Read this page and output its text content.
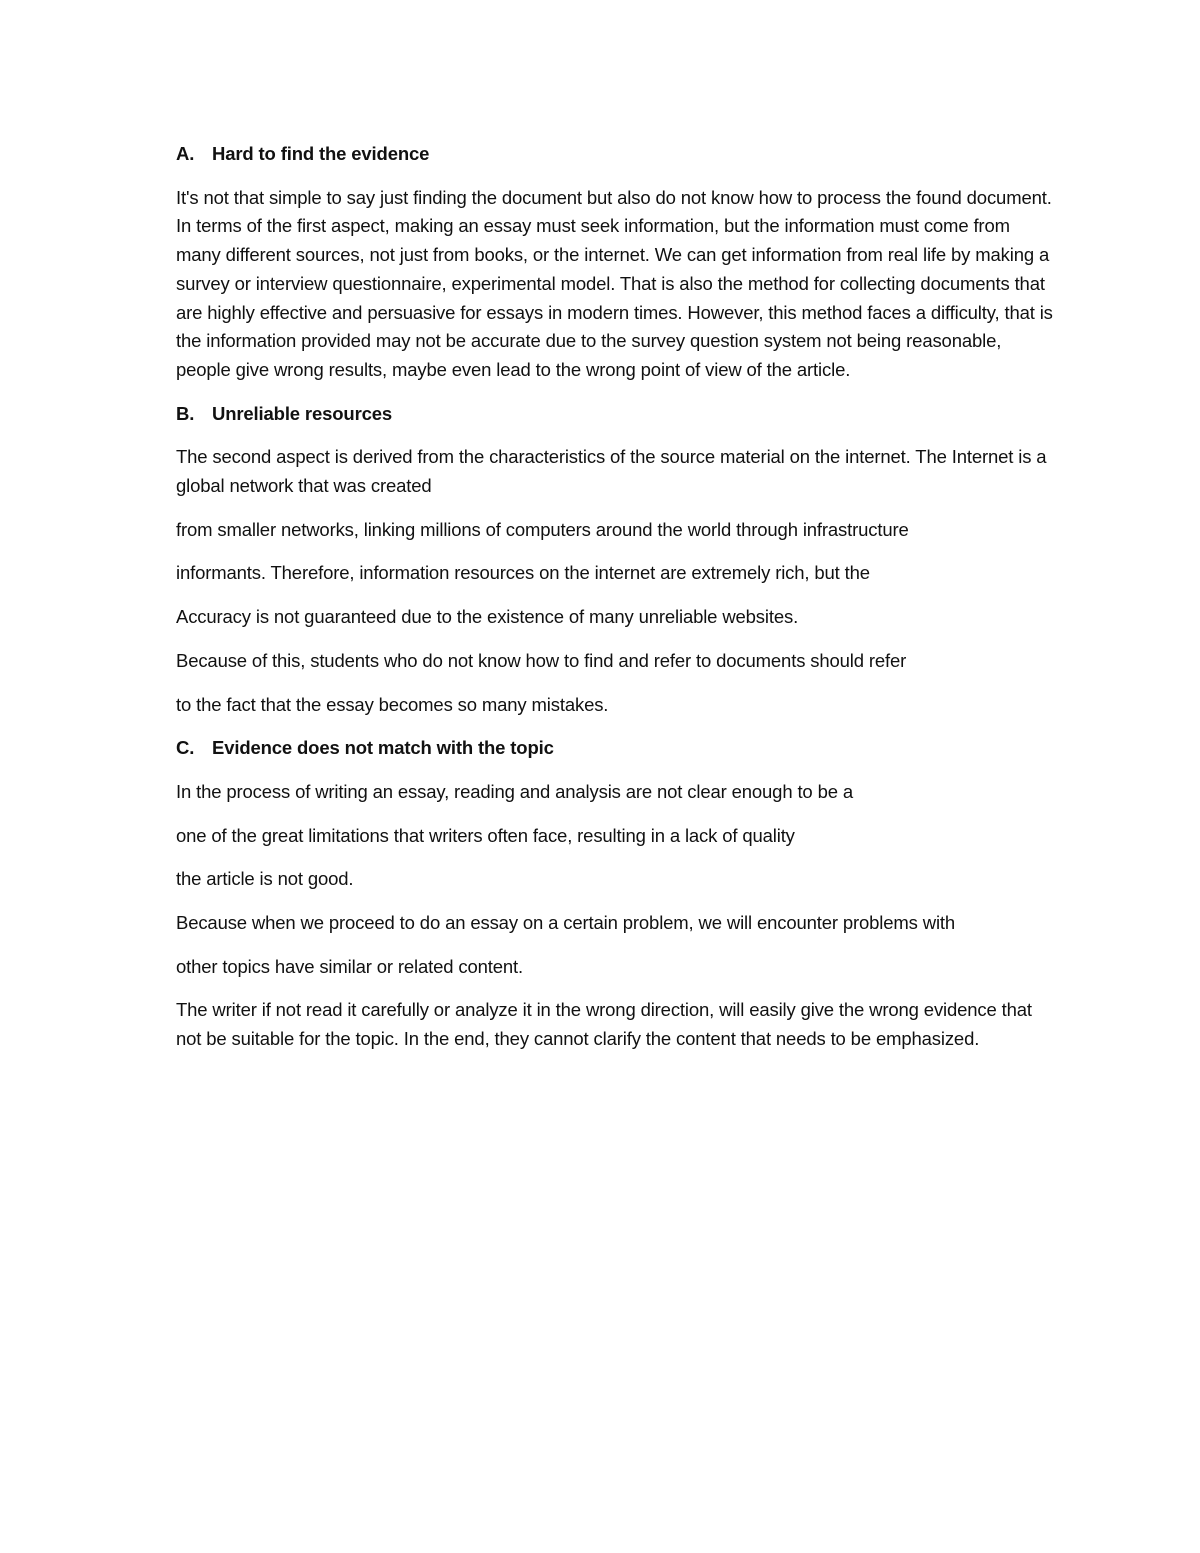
A. Hard to find the evidence

It's not that simple to say just finding the document but also do not know how to process the found document. In terms of the first aspect, making an essay must seek information, but the information must come from many different sources, not just from books, or the internet. We can get information from real life by making a survey or interview questionnaire, experimental model. That is also the method for collecting documents that are highly effective and persuasive for essays in modern times. However, this method faces a difficulty, that is the information provided may not be accurate due to the survey question system not being reasonable, people give wrong results, maybe even lead to the wrong point of view of the article.

B. Unreliable resources

The second aspect is derived from the characteristics of the source material on the internet. The Internet is a global network that was created

from smaller networks, linking millions of computers around the world through infrastructure

informants. Therefore, information resources on the internet are extremely rich, but the

Accuracy is not guaranteed due to the existence of many unreliable websites.

Because of this, students who do not know how to find and refer to documents should refer

to the fact that the essay becomes so many mistakes.

C. Evidence does not match with the topic

In the process of writing an essay, reading and analysis are not clear enough to be a

one of the great limitations that writers often face, resulting in a lack of quality

the article is not good.

Because when we proceed to do an essay on a certain problem, we will encounter problems with

other topics have similar or related content.

The writer if not read it carefully or analyze it in the wrong direction, will easily give the wrong evidence that not be suitable for the topic. In the end, they cannot clarify the content that needs to be emphasized.
